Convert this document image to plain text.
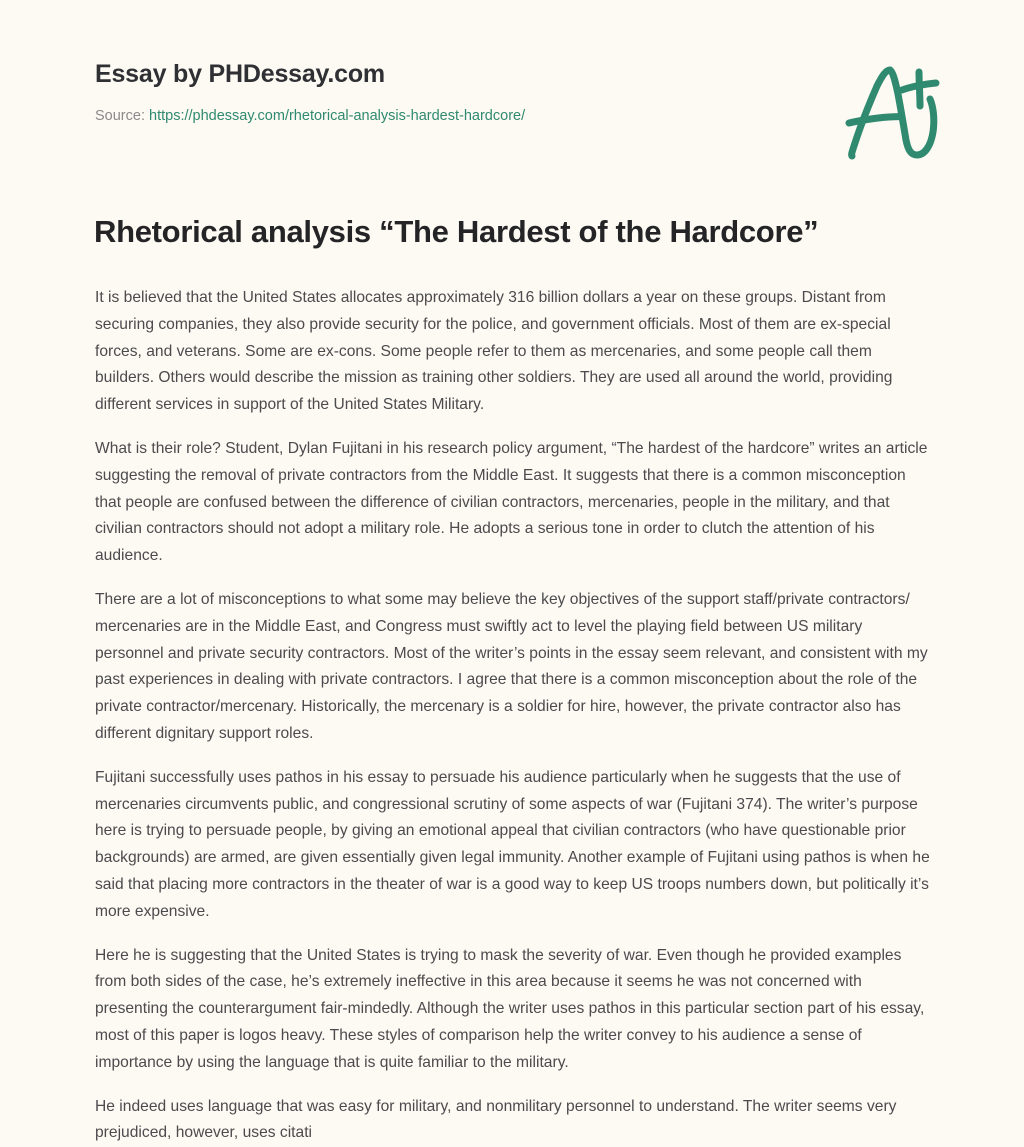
Essay by PHDessay.com
Source: https://phdessay.com/rhetorical-analysis-hardest-hardcore/
Rhetorical analysis “The Hardest of the Hardcore”

It is believed that the United States allocates approximately 316 billion dollars a year on these groups. Distant from securing companies, they also provide security for the police, and government officials. Most of them are ex-special forces, and veterans. Some are ex-cons. Some people refer to them as mercenaries, and some people call them builders. Others would describe the mission as training other soldiers. They are used all around the world, providing different services in support of the United States Military.

What is their role? Student, Dylan Fujitani in his research policy argument, “The hardest of the hardcore” writes an article suggesting the removal of private contractors from the Middle East. It suggests that there is a common misconception that people are confused between the difference of civilian contractors, mercenaries, people in the military, and that civilian contractors should not adopt a military role. He adopts a serious tone in order to clutch the attention of his audience.

There are a lot of misconceptions to what some may believe the key objectives of the support staff/private contractors/ mercenaries are in the Middle East, and Congress must swiftly act to level the playing field between US military personnel and private security contractors. Most of the writer’s points in the essay seem relevant, and consistent with my past experiences in dealing with private contractors. I agree that there is a common misconception about the role of the private contractor/mercenary. Historically, the mercenary is a soldier for hire, however, the private contractor also has different dignitary support roles.

Fujitani successfully uses pathos in his essay to persuade his audience particularly when he suggests that the use of mercenaries circumvents public, and congressional scrutiny of some aspects of war (Fujitani 374). The writer’s purpose here is trying to persuade people, by giving an emotional appeal that civilian contractors (who have questionable prior backgrounds) are armed, are given essentially given legal immunity. Another example of Fujitani using pathos is when he said that placing more contractors in the theater of war is a good way to keep US troops numbers down, but politically it’s more expensive.

Here he is suggesting that the United States is trying to mask the severity of war. Even though he provided examples from both sides of the case, he’s extremely ineffective in this area because it seems he was not concerned with presenting the counterargument fair-mindedly. Although the writer uses pathos in this particular section part of his essay, most of this paper is logos heavy. These styles of comparison help the writer convey to his audience a sense of importance by using the language that is quite familiar to the military.

He indeed uses language that was easy for military, and nonmilitary personnel to understand. The writer seems very prejudiced, however, uses citati
